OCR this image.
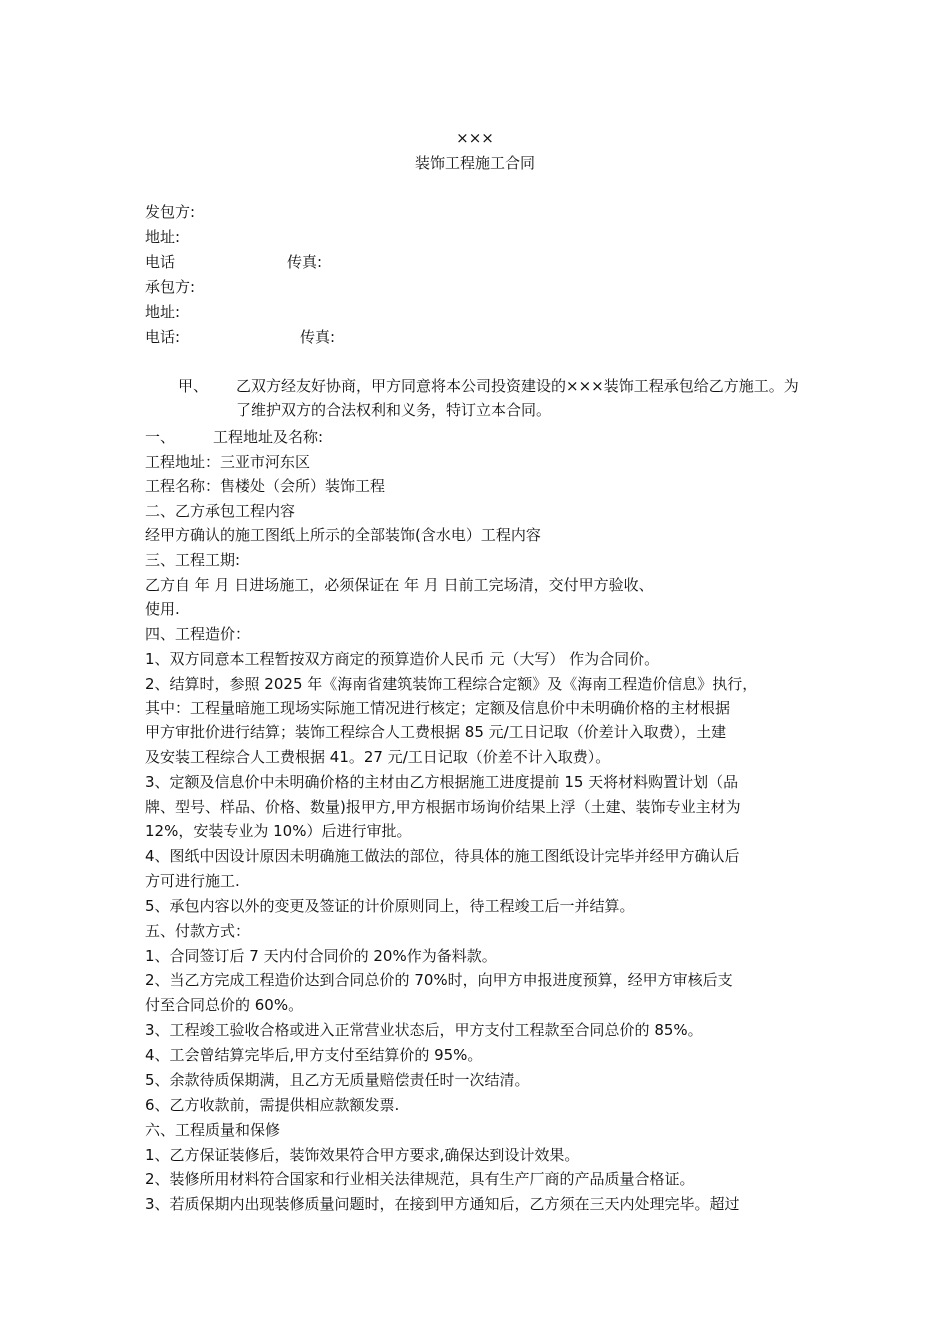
×××
装饰工程施工合同
发包方:
地址:
电话	传真:
承包方:
地址:
电话:	传真:
甲、 乙双方经友好协商，甲方同意将本公司投资建设的×××装饰工程承包给乙方施工。为了维护双方的合法权利和义务，特订立本合同。
一、	工程地址及名称:
工程地址：三亚市河东区
工程名称：售楼处（会所）装饰工程
二、乙方承包工程内容
经甲方确认的施工图纸上所示的全部装饰(含水电）工程内容
三、工程工期:
乙方自 年 月 日进场施工，必须保证在 年 月 日前工完场清，交付甲方验收、
使用.
四、工程造价：
1、双方同意本工程暂按双方商定的预算造价人民币 元（大写） 作为合同价。
2、结算时，参照 2025 年《海南省建筑装饰工程综合定额》及《海南工程造价信息》执行，
其中：工程量暗施工现场实际施工情况进行核定；定额及信息价中未明确价格的主材根据
甲方审批价进行结算；装饰工程综合人工费根据 85 元/工日记取（价差计入取费），土建
及安装工程综合人工费根据 41。27 元/工日记取（价差不计入取费）。
3、定额及信息价中未明确价格的主材由乙方根据施工进度提前 15 天将材料购置计划（品
牌、型号、样品、价格、数量)报甲方,甲方根据市场询价结果上浮（土建、装饰专业主材为
12%，安装专业为 10%）后进行审批。
4、图纸中因设计原因未明确施工做法的部位，待具体的施工图纸设计完毕并经甲方确认后
方可进行施工.
5、承包内容以外的变更及签证的计价原则同上，待工程竣工后一并结算。
五、付款方式：
1、合同签订后 7 天内付合同价的 20%作为备料款。
2、当乙方完成工程造价达到合同总价的 70%时，向甲方申报进度预算，经甲方审核后支
付至合同总价的 60%。
3、工程竣工验收合格或进入正常营业状态后，甲方支付工程款至合同总价的 85%。
4、工会曾结算完毕后,甲方支付至结算价的 95%。
5、余款待质保期满，且乙方无质量赔偿责任时一次结清。
6、乙方收款前，需提供相应款额发票.
六、工程质量和保修
1、乙方保证装修后，装饰效果符合甲方要求,确保达到设计效果。
2、装修所用材料符合国家和行业相关法律规范，具有生产厂商的产品质量合格证。
3、若质保期内出现装修质量问题时，在接到甲方通知后，乙方须在三天内处理完毕。超过
